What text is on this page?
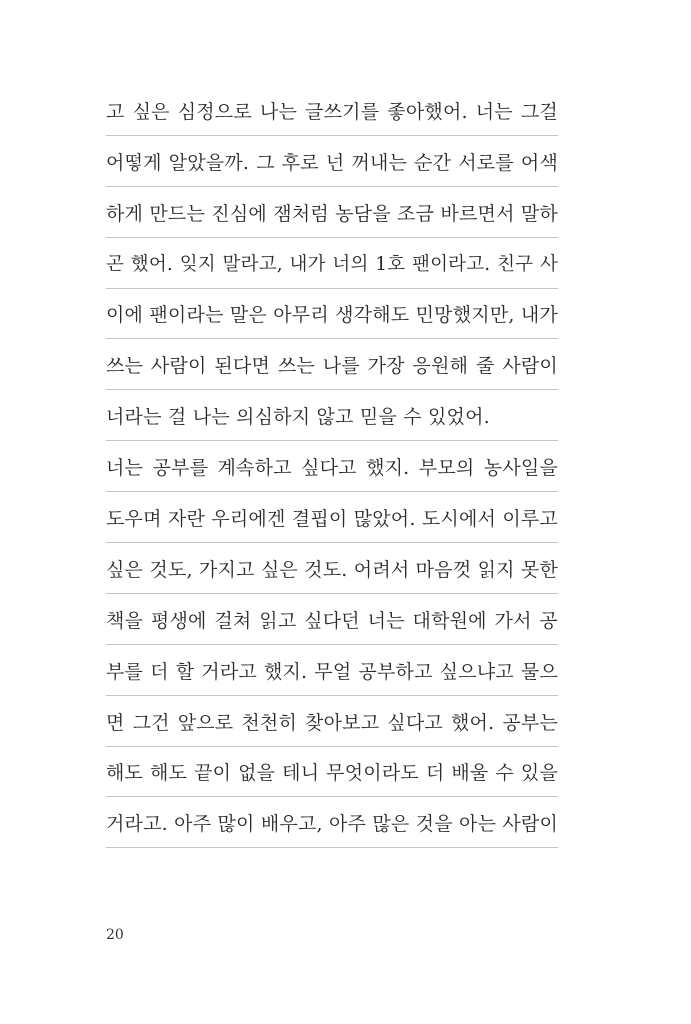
고 싶은 심정으로 나는 글쓰기를 좋아했어. 너는 그걸
어떻게 알았을까. 그 후로 넌 꺼내는 순간 서로를 어색
하게 만드는 진심에 잼처럼 농담을 조금 바르면서 말하
곤 했어. 잊지 말라고, 내가 너의 1호 팬이라고. 친구 사
이에 팬이라는 말은 아무리 생각해도 민망했지만, 내가
쓰는 사람이 된다면 쓰는 나를 가장 응원해 줄 사람이
너라는 걸 나는 의심하지 않고 믿을 수 있었어.
너는 공부를 계속하고 싶다고 했지. 부모의 농사일을
도우며 자란 우리에겐 결핍이 많았어. 도시에서 이루고
싶은 것도, 가지고 싶은 것도. 어려서 마음껏 읽지 못한
책을 평생에 걸쳐 읽고 싶다던 너는 대학원에 가서 공
부를 더 할 거라고 했지. 무얼 공부하고 싶으냐고 물으
면 그건 앞으로 천천히 찾아보고 싶다고 했어. 공부는
해도 해도 끝이 없을 테니 무엇이라도 더 배울 수 있을
거라고. 아주 많이 배우고, 아주 많은 것을 아는 사람이
20
